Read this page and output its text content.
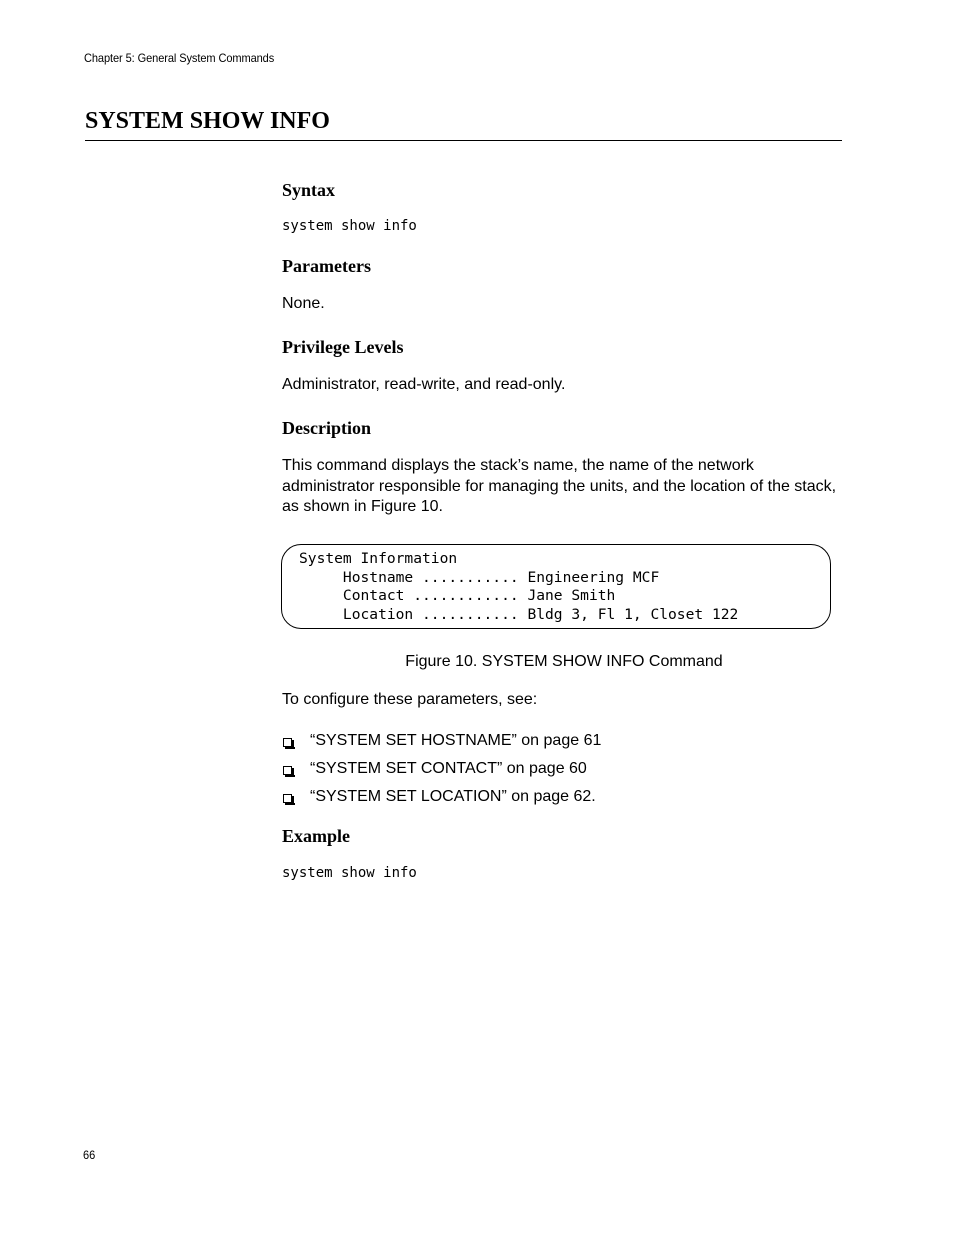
Chapter 5: General System Commands
SYSTEM SHOW INFO
Syntax
system show info
Parameters

None.

Privilege Levels

Administrator, read-write, and read-only.

Description

This command displays the stack’s name, the name of the network administrator responsible for managing the units, and the location of the stack, as shown in Figure 10.

To configure these parameters, see:

Example
system show info
System Information
Hostname ........... Engineering MCF
Contact ............ Jane Smith
Location ........... Bldg 3, Fl 1, Closet 122
Figure 10. SYSTEM SHOW INFO Command
“SYSTEM SET HOSTNAME” on page 61
“SYSTEM SET CONTACT” on page 60
“SYSTEM SET LOCATION” on page 62.
66
